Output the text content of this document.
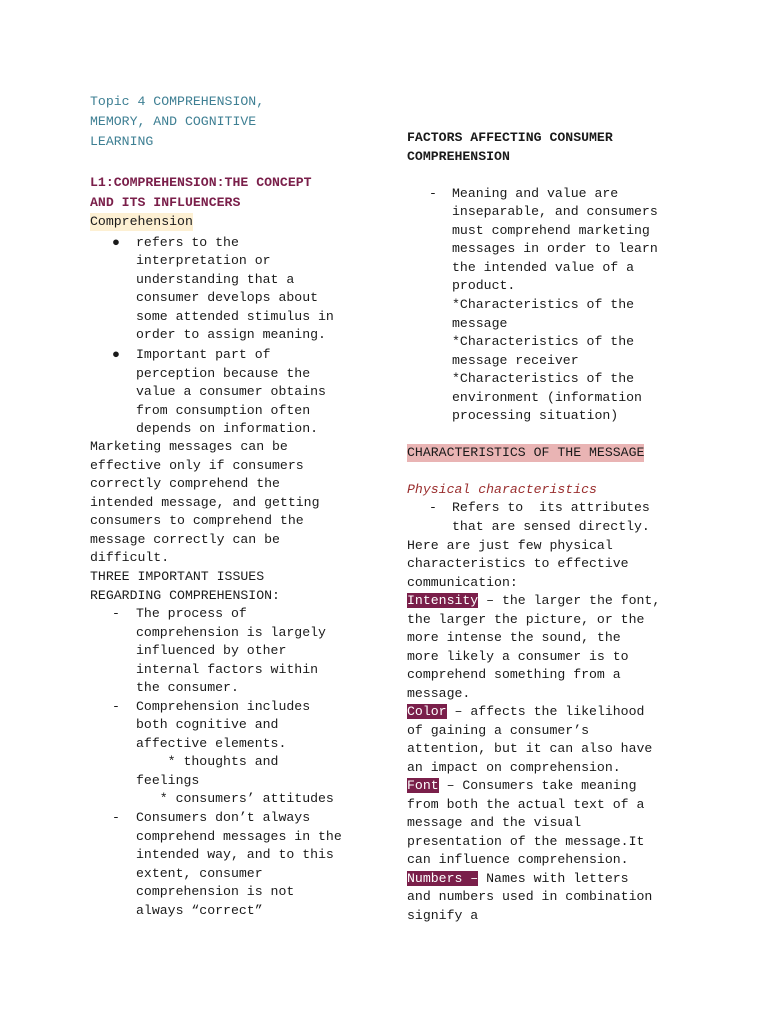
Topic 4 COMPREHENSION,
MEMORY, AND COGNITIVE
LEARNING
L1:COMPREHENSION:THE CONCEPT
AND ITS INFLUENCERS
Comprehension
● refers to the
interpretation or
understanding that a
consumer develops about
some attended stimulus in
order to assign meaning.
● Important part of
perception because the
value a consumer obtains
from consumption often
depends on information.
Marketing messages can be
effective only if consumers
correctly comprehend the
intended message, and getting
consumers to comprehend the
message correctly can be
difficult.
THREE IMPORTANT ISSUES
REGARDING COMPREHENSION:
- The process of
comprehension is largely
influenced by other
internal factors within
the consumer.
- Comprehension includes
both cognitive and
affective elements.
* thoughts and
feelings
* consumers’ attitudes
- Consumers don’t always
comprehend messages in the
intended way, and to this
extent, consumer
comprehension is not
always “correct”
FACTORS AFFECTING CONSUMER
COMPREHENSION
- Meaning and value are
inseparable, and consumers
must comprehend marketing
messages in order to learn
the intended value of a
product.
*Characteristics of the
message
*Characteristics of the
message receiver
*Characteristics of the
environment (information
processing situation)
CHARACTERISTICS OF THE MESSAGE
Physical characteristics
- Refers to  its attributes
that are sensed directly.
Here are just few physical
characteristics to effective
communication:
Intensity – the larger the font,
the larger the picture, or the
more intense the sound, the
more likely a consumer is to
comprehend something from a
message.
Color – affects the likelihood
of gaining a consumer’s
attention, but it can also have
an impact on comprehension.
Font – Consumers take meaning
from both the actual text of a
message and the visual
presentation of the message.It
can influence comprehension.
Numbers – Names with letters
and numbers used in combination
signify a
